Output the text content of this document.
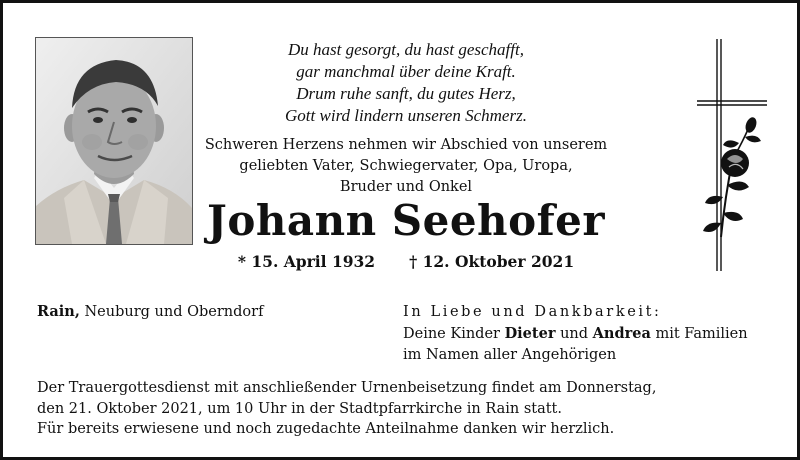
Du hast gesorgt, du hast geschafft,
gar manchmal über deine Kraft.
Drum ruhe sanft, du gutes Herz,
Gott wird lindern unseren Schmerz.
Schweren Herzens nehmen wir Abschied von unserem
geliebten Vater, Schwiegervater, Opa, Uropa,
Bruder und Onkel
Johann Seehofer
* 15. April 1932 † 12. Oktober 2021
Rain, Neuburg und Oberndorf	In Liebe und Dankbarkeit:
Deine Kinder Dieter und Andrea mit Familien
im Namen aller Angehörigen
Der Trauergottesdienst mit anschließender Urnenbeisetzung findet am Donnerstag,
den 21. Oktober 2021, um 10 Uhr in der Stadtpfarrkirche in Rain statt.
Für bereits erwiesene und noch zugedachte Anteilnahme danken wir herzlich.
